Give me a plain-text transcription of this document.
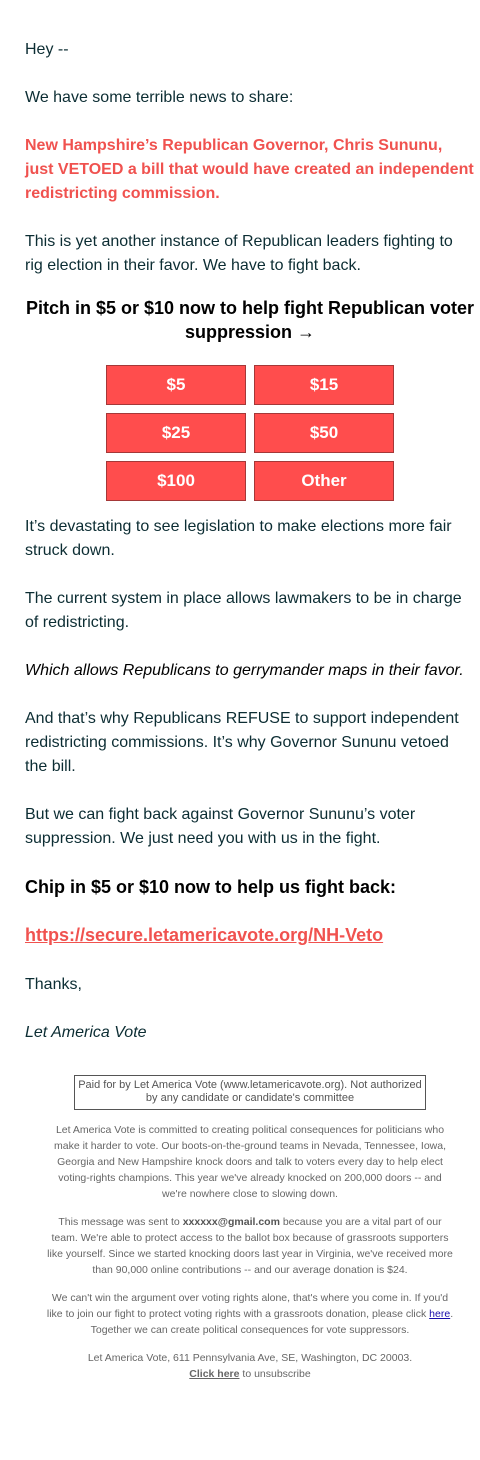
Hey --

We have some terrible news to share:

New Hampshire’s Republican Governor, Chris Sununu, just VETOED a bill that would have created an independent redistricting commission.

This is yet another instance of Republican leaders fighting to rig election in their favor. We have to fight back.

Pitch in $5 or $10 now to help fight Republican voter suppression →
$5	$15
$25	$50
$100	Other

It’s devastating to see legislation to make elections more fair struck down.

The current system in place allows lawmakers to be in charge of redistricting.

Which allows Republicans to gerrymander maps in their favor.

And that’s why Republicans REFUSE to support independent redistricting commissions. It’s why Governor Sununu vetoed the bill.

But we can fight back against Governor Sununu’s voter suppression. We just need you with us in the fight.

Chip in $5 or $10 now to help us fight back:

https://secure.letamericavote.org/NH-Veto

Thanks,

Let America Vote

Paid for by Let America Vote (www.letamericavote.org). Not authorized by any candidate or candidate's committee

Let America Vote is committed to creating political consequences for politicians who make it harder to vote. Our boots-on-the-ground teams in Nevada, Tennessee, Iowa, Georgia and New Hampshire knock doors and talk to voters every day to help elect voting-rights champions. This year we've already knocked on 200,000 doors -- and we're nowhere close to slowing down.

This message was sent to xxxxxx@gmail.com because you are a vital part of our team. We're able to protect access to the ballot box because of grassroots supporters like yourself. Since we started knocking doors last year in Virginia, we've received more than 90,000 online contributions -- and our average donation is $24.

We can't win the argument over voting rights alone, that's where you come in. If you'd like to join our fight to protect voting rights with a grassroots donation, please click here. Together we can create political consequences for vote suppressors.

Let America Vote, 611 Pennsylvania Ave, SE, Washington, DC 20003.
Click here to unsubscribe
